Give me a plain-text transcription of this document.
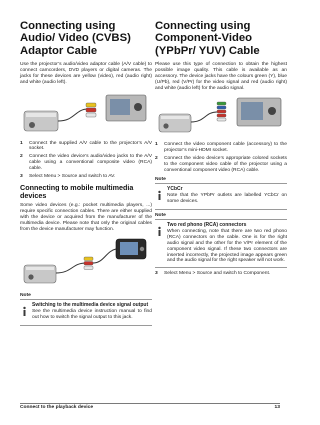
Connecting using Audio/ Video (CVBS) Adaptor Cable

Use the projector’s audio/video adaptor cable (A/V cable) to connect camcorders, DVD players or digital cameras. The jacks for these devices are yellow (video), red (audio right) and white (audio left).

1	Connect the supplied A/V cable to the projector’s A/V socket.
2	Connect the video device’s audio/video jacks to the A/V cable using a conventional composite video (RCA) cable.
3	Select Menu > Source and switch to AV.
Connecting to mobile multimedia devices

Some video devices (e.g.: pocket multimedia players, ...) require specific connection cables. There are either supplied with the device or acquired from the manufacturer of the multimedia device. Please note that only the original cables from the device manufacturer may function.

Note
Switching to the multimedia device signal output

See the multimedia device instruction manual to find out how to switch the signal output to this jack.

Connecting using Component-Video (YPbPr/ YUV) Cable

Please use this type of connection to obtain the highest possible image quality. This cable is available as an accessory. The device jacks have the colours green (Y), blue (U/Pb), red (V/Pr) for the video signal and red (audio right) and white (audio left) for the audio signal.

1	Connect the video component cable (accessory) to the projector’s mini-HDMI socket.
2	Connect the video device’s appropriate colored sockets to the component video cable of the projector using a conventional component video (RCA) cable.
Note
YCbCr

Note that the YPbPr outlets are labelled YCbCr on some devices.

Note
Two red phono (RCA) connectors

When connecting, note that there are two red phono (RCA) connectors on the cable. One is for the right audio signal and the other for the V/Pr element of the component video signal. If these two connectors are inserted incorrectly, the projected image appears green and the audio signal for the right speaker will not work.

3	Select Menu > Source and switch to Component.
Connect to the playback device	13
